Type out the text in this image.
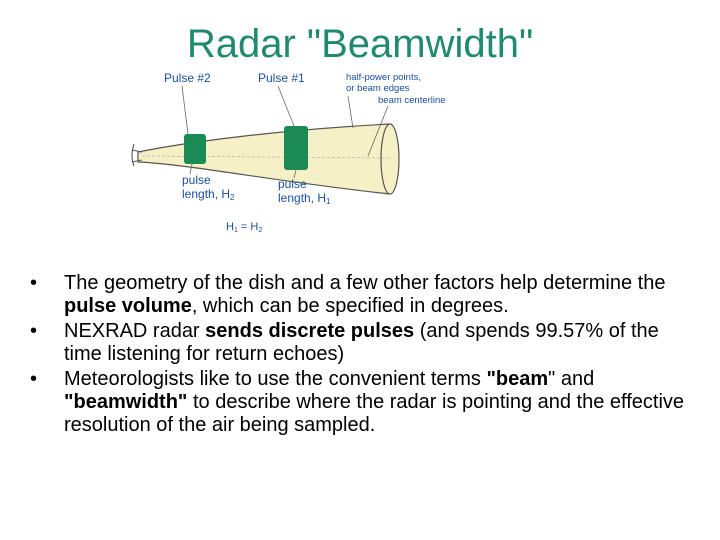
Radar "Beamwidth"
Pulse #2	Pulse #1	half-power points,
or beam edges
beam centerline
pulse
length, H2
pulse
length, H1
H1 = H2
• The geometry of the dish and a few other factors help determine the pulse volume, which can be specified in degrees.
• NEXRAD radar sends discrete pulses (and spends 99.57% of the time listening for return echoes)
• Meteorologists like to use the convenient terms "beam" and "beamwidth" to describe where the radar is pointing and the effective resolution of the air being sampled.
